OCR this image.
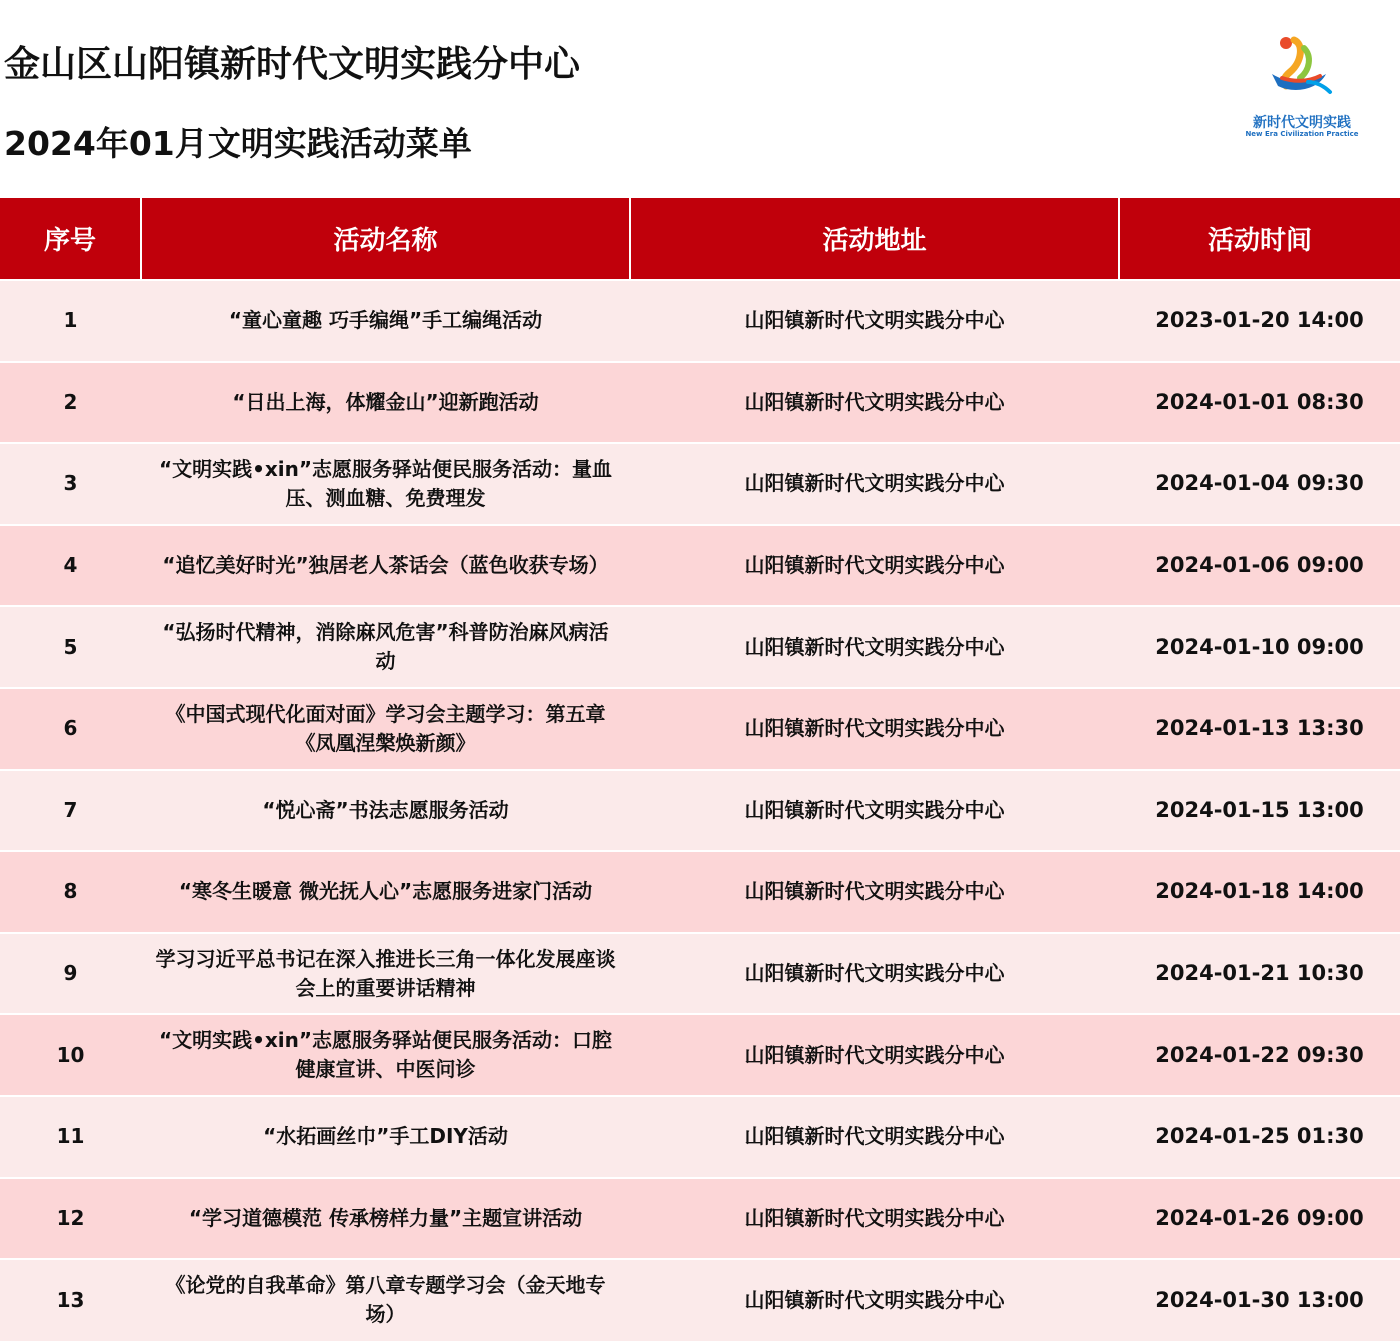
金山区山阳镇新时代文明实践分中心
2024年01月文明实践活动菜单
新时代文明实践
New Era Civilization Practice
序号	活动名称	活动地址	活动时间
1	“童心童趣 巧手编绳”手工编绳活动	山阳镇新时代文明实践分中心	2023-01-20 14:00
2	“日出上海，体耀金山”迎新跑活动	山阳镇新时代文明实践分中心	2024-01-01 08:30
3	“文明实践•xin”志愿服务驿站便民服务活动：量血压、测血糖、免费理发	山阳镇新时代文明实践分中心	2024-01-04 09:30
4	“追忆美好时光”独居老人茶话会（蓝色收获专场）	山阳镇新时代文明实践分中心	2024-01-06 09:00
5	“弘扬时代精神，消除麻风危害”科普防治麻风病活动	山阳镇新时代文明实践分中心	2024-01-10 09:00
6	《中国式现代化面对面》学习会主题学习：第五章《凤凰涅槃焕新颜》	山阳镇新时代文明实践分中心	2024-01-13 13:30
7	“悦心斋”书法志愿服务活动	山阳镇新时代文明实践分中心	2024-01-15 13:00
8	“寒冬生暖意 微光抚人心”志愿服务进家门活动	山阳镇新时代文明实践分中心	2024-01-18 14:00
9	学习习近平总书记在深入推进长三角一体化发展座谈会上的重要讲话精神	山阳镇新时代文明实践分中心	2024-01-21 10:30
10	“文明实践•xin”志愿服务驿站便民服务活动：口腔健康宣讲、中医问诊	山阳镇新时代文明实践分中心	2024-01-22 09:30
11	“水拓画丝巾”手工DIY活动	山阳镇新时代文明实践分中心	2024-01-25 01:30
12	“学习道德模范 传承榜样力量”主题宣讲活动	山阳镇新时代文明实践分中心	2024-01-26 09:00
13	《论党的自我革命》第八章专题学习会（金天地专场）	山阳镇新时代文明实践分中心	2024-01-30 13:00
